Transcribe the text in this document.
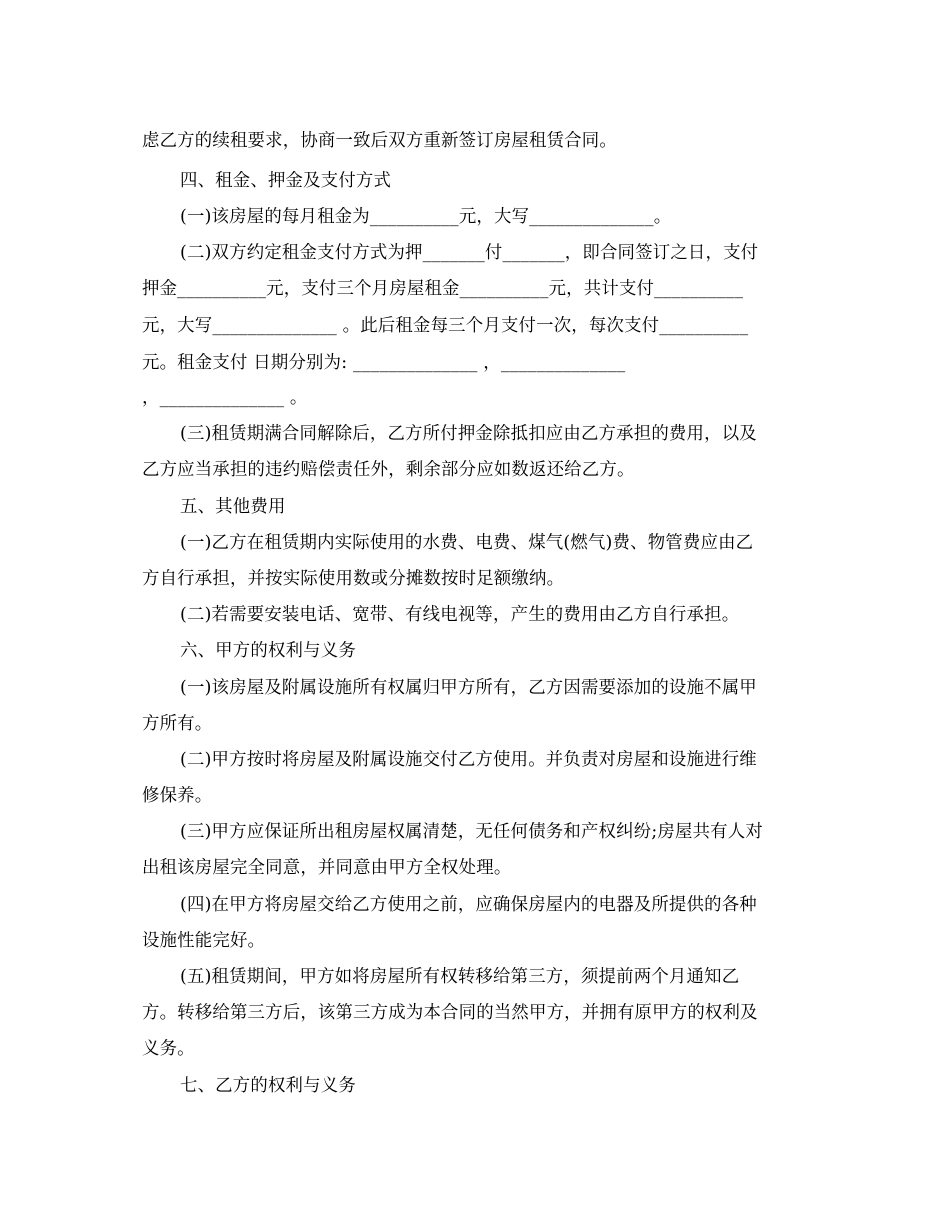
虑乙方的续租要求，协商一致后双方重新签订房屋租赁合同。
四、租金、押金及支付方式
(一)该房屋的每月租金为__________元，大写______________。
(二)双方约定租金支付方式为押_______付_______，即合同签订之日，支付
押金__________元，支付三个月房屋租金__________元，共计支付__________
元，大写______________ 。此后租金每三个月支付一次，每次支付__________
元。租金支付 日期分别为: ______________ ，______________
，______________ 。
(三)租赁期满合同解除后，乙方所付押金除抵扣应由乙方承担的费用，以及
乙方应当承担的违约赔偿责任外，剩余部分应如数返还给乙方。
五、其他费用
(一)乙方在租赁期内实际使用的水费、电费、煤气(燃气)费、物管费应由乙
方自行承担，并按实际使用数或分摊数按时足额缴纳。
(二)若需要安装电话、宽带、有线电视等，产生的费用由乙方自行承担。
六、甲方的权利与义务
(一)该房屋及附属设施所有权属归甲方所有，乙方因需要添加的设施不属甲
方所有。
(二)甲方按时将房屋及附属设施交付乙方使用。并负责对房屋和设施进行维
修保养。
(三)甲方应保证所出租房屋权属清楚，无任何债务和产权纠纷;房屋共有人对
出租该房屋完全同意，并同意由甲方全权处理。
(四)在甲方将房屋交给乙方使用之前，应确保房屋内的电器及所提供的各种
设施性能完好。
(五)租赁期间，甲方如将房屋所有权转移给第三方，须提前两个月通知乙
方。转移给第三方后，该第三方成为本合同的当然甲方，并拥有原甲方的权利及
义务。
七、乙方的权利与义务
